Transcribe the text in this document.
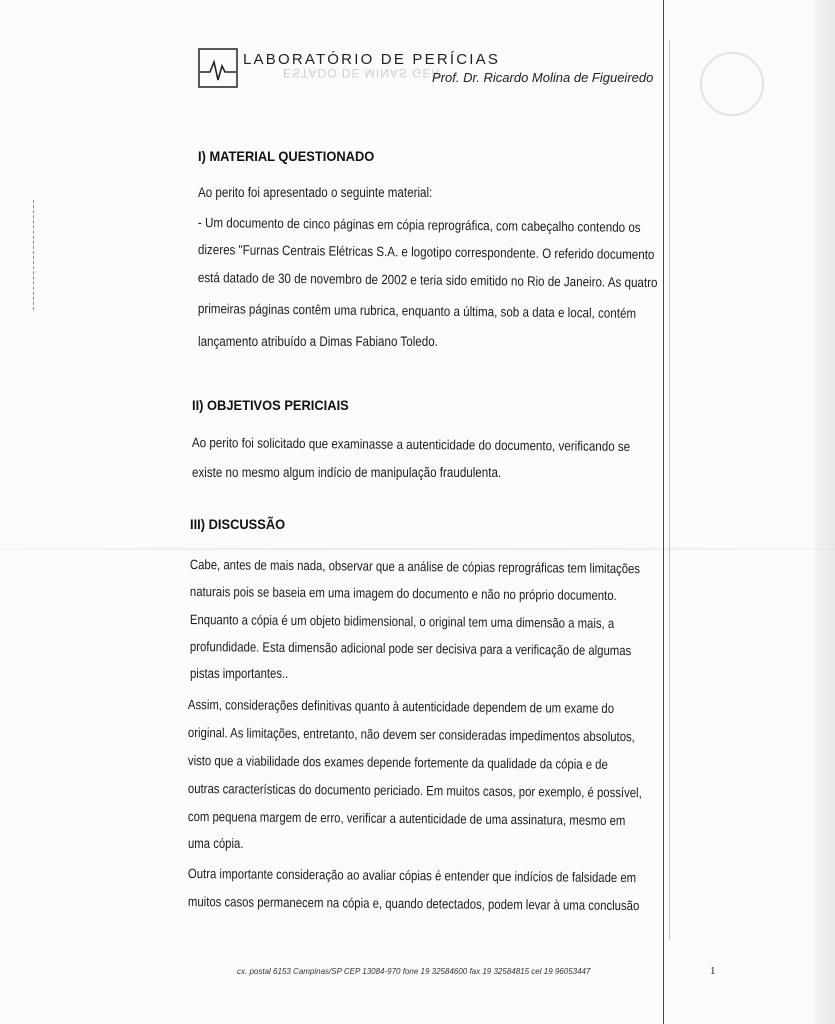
ESTADO DE MINAS GER
LABORATÓRIO DE PERÍCIAS
Prof. Dr. Ricardo Molina de Figueiredo
I) MATERIAL QUESTIONADO
Ao perito foi apresentado o seguinte material:
- Um documento de cinco páginas em cópia reprográfica, com cabeçalho contendo os
dizeres "Furnas Centrais Elétricas S.A. e logotipo correspondente. O referido documento
está datado de 30 de novembro de 2002 e teria sido emitido no Rio de Janeiro. As quatro
primeiras páginas contêm uma rubrica, enquanto a última, sob a data e local, contém
lançamento atribuído a Dimas Fabiano Toledo.
II) OBJETIVOS PERICIAIS
Ao perito foi solicitado que examinasse a autenticidade do documento, verificando se
existe no mesmo algum indício de manipulação fraudulenta.
III) DISCUSSÃO
Cabe, antes de mais nada, observar que a análise de cópias reprográficas tem limitações
naturais pois se baseia em uma imagem do documento e não no próprio documento.
Enquanto a cópia é um objeto bidimensional, o original tem uma dimensão a mais, a
profundidade. Esta dimensão adicional pode ser decisiva para a verificação de algumas
pistas importantes..
Assim, considerações definitivas quanto à autenticidade dependem de um exame do
original. As limitações, entretanto, não devem ser consideradas impedimentos absolutos,
visto que a viabilidade dos exames depende fortemente da qualidade da cópia e de
outras características do documento periciado. Em muitos casos, por exemplo, é possível,
com pequena margem de erro, verificar a autenticidade de uma assinatura, mesmo em
uma cópia.
Outra importante consideração ao avaliar cópias é entender que indícios de falsidade em
muitos casos permanecem na cópia e, quando detectados, podem levar à uma conclusão
cx. postal 6153 Campinas/SP CEP 13084-970 fone 19 32584600 fax 19 32584815 cel 19 96053447	1
